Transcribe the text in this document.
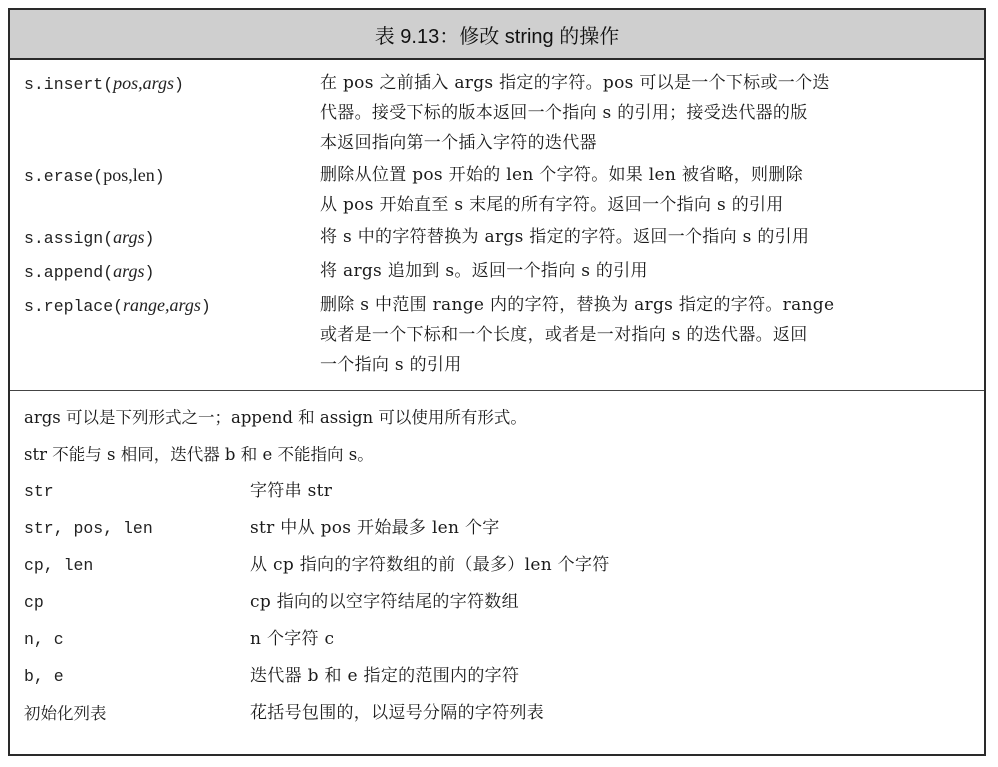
表 9.13：修改 string 的操作
s.insert(pos,args)	在 pos 之前插入 args 指定的字符。pos 可以是一个下标或一个迭
代器。接受下标的版本返回一个指向 s 的引用；接受迭代器的版
本返回指向第一个插入字符的迭代器
s.erase(pos,len)	删除从位置 pos 开始的 len 个字符。如果 len 被省略，则删除
从 pos 开始直至 s 末尾的所有字符。返回一个指向 s 的引用
s.assign(args)	将 s 中的字符替换为 args 指定的字符。返回一个指向 s 的引用
s.append(args)	将 args 追加到 s。返回一个指向 s 的引用
s.replace(range,args)	删除 s 中范围 range 内的字符，替换为 args 指定的字符。range
或者是一个下标和一个长度，或者是一对指向 s 的迭代器。返回
一个指向 s 的引用
args 可以是下列形式之一；append 和 assign 可以使用所有形式。
str 不能与 s 相同，迭代器 b 和 e 不能指向 s。
str	字符串 str
str, pos, len	str 中从 pos 开始最多 len 个字
cp, len	从 cp 指向的字符数组的前（最多）len 个字符
cp	cp 指向的以空字符结尾的字符数组
n, c	n 个字符 c
b, e	迭代器 b 和 e 指定的范围内的字符
初始化列表	花括号包围的，以逗号分隔的字符列表
